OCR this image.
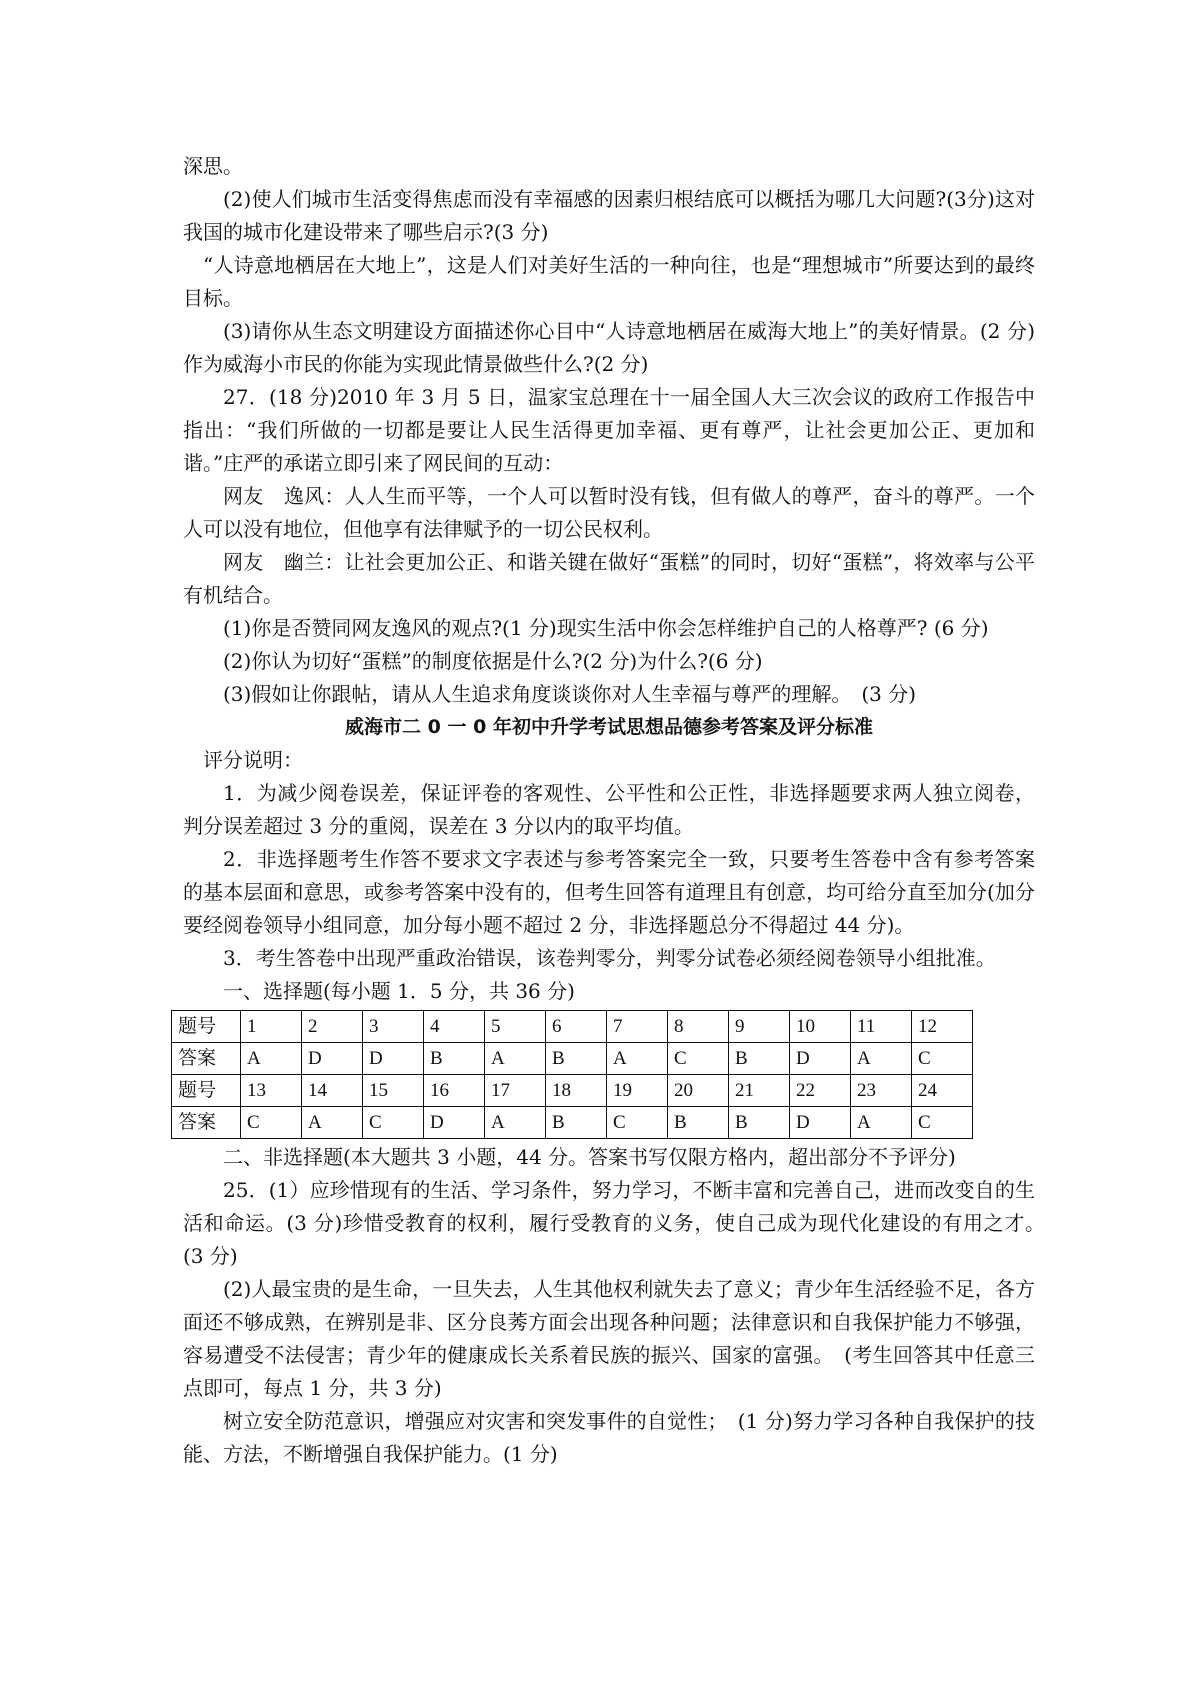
深思。

(2)使人们城市生活变得焦虑而没有幸福感的因素归根结底可以概括为哪几大问题?(3分)这对我国的城市化建设带来了哪些启示?(3 分)

“人诗意地栖居在大地上”，这是人们对美好生活的一种向往，也是“理想城市”所要达到的最终目标。

(3)请你从生态文明建设方面描述你心目中“人诗意地栖居在威海大地上”的美好情景。(2 分)作为威海小市民的你能为实现此情景做些什么?(2 分)

27．(18 分)2010 年 3 月 5 日，温家宝总理在十一届全国人大三次会议的政府工作报告中指出：“我们所做的一切都是要让人民生活得更加幸福、更有尊严，让社会更加公正、更加和谐。”庄严的承诺立即引来了网民间的互动：

网友　逸风：人人生而平等，一个人可以暂时没有钱，但有做人的尊严，奋斗的尊严。一个人可以没有地位，但他享有法律赋予的一切公民权利。

网友　幽兰：让社会更加公正、和谐关键在做好“蛋糕”的同时，切好“蛋糕”，将效率与公平有机结合。

(1)你是否赞同网友逸风的观点?(1 分)现实生活中你会怎样维护自己的人格尊严? (6 分)

(2)你认为切好“蛋糕”的制度依据是什么?(2 分)为什么?(6 分)

(3)假如让你跟帖，请从人生追求角度谈谈你对人生幸福与尊严的理解。　(3 分)

威海市二 0 一 0 年初中升学考试思想品德参考答案及评分标准

评分说明：

1．为减少阅卷误差，保证评卷的客观性、公平性和公正性，非选择题要求两人独立阅卷，判分误差超过 3 分的重阅，误差在 3 分以内的取平均值。

2．非选择题考生作答不要求文字表述与参考答案完全一致，只要考生答卷中含有参考答案的基本层面和意思，或参考答案中没有的，但考生回答有道理且有创意，均可给分直至加分(加分要经阅卷领导小组同意，加分每小题不超过 2 分，非选择题总分不得超过 44 分)。

3．考生答卷中出现严重政治错误，该卷判零分，判零分试卷必须经阅卷领导小组批准。

一、选择题(每小题 1．5 分，共 36 分)

题号	1	2	3	4	5	6	7	8	9	10	11	12
答案	A	D	D	B	A	B	A	C	B	D	A	C
题号	13	14	15	16	17	18	19	20	21	22	23	24
答案	C	A	C	D	A	B	C	B	B	D	A	C

二、非选择题(本大题共 3 小题，44 分。答案书写仅限方格内，超出部分不予评分)

25．(1）应珍惜现有的生活、学习条件，努力学习，不断丰富和完善自己，进而改变自的生活和命运。(3 分)珍惜受教育的权利，履行受教育的义务，使自己成为现代化建设的有用之才。　(3 分)

(2)人最宝贵的是生命，一旦失去，人生其他权利就失去了意义；青少年生活经验不足，各方面还不够成熟，在辨别是非、区分良莠方面会出现各种问题；法律意识和自我保护能力不够强，容易遭受不法侵害；青少年的健康成长关系着民族的振兴、国家的富强。　(考生回答其中任意三点即可，每点 1 分，共 3 分)

树立安全防范意识，增强应对灾害和突发事件的自觉性；　(1 分)努力学习各种自我保护的技能、方法，不断增强自我保护能力。(1 分)
